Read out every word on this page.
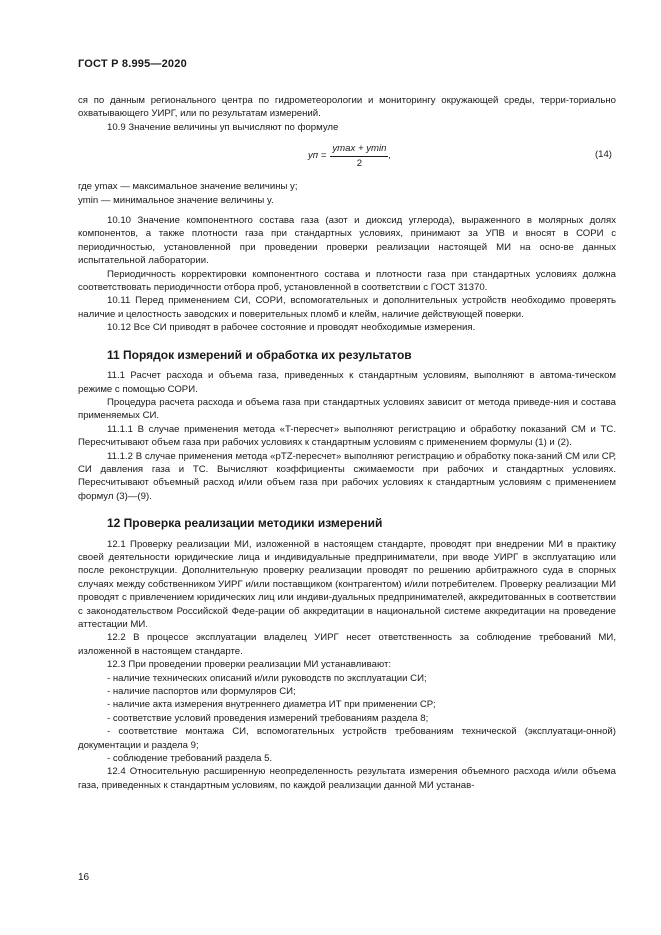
ГОСТ Р 8.995—2020

ся по данным регионального центра по гидрометеорологии и мониторингу окружающей среды, терри-ториально охватывающего УИРГ, или по результатам измерений.

10.9 Значение величины yп вычисляют по формуле

yп = $\frac{ymax + ymin}{2}$ ,	(14)

где ymax — максимальное значение величины y;

ymin — минимальное значение величины y.

10.10 Значение компонентного состава газа (азот и диоксид углерода), выраженного в молярных долях компонентов, а также плотности газа при стандартных условиях, принимают за УПВ и вносят в СОРИ с периодичностью, установленной при проведении проверки реализации настоящей МИ на осно-ве данных испытательной лаборатории.

Периодичность корректировки компонентного состава и плотности газа при стандартных условиях должна соответствовать периодичности отбора проб, установленной в соответствии с ГОСТ 31370.

10.11 Перед применением СИ, СОРИ, вспомогательных и дополнительных устройств необходимо проверять наличие и целостность заводских и поверительных пломб и клейм, наличие действующей поверки.

10.12 Все СИ приводят в рабочее состояние и проводят необходимые измерения.

11 Порядок измерений и обработка их результатов

11.1 Расчет расхода и объема газа, приведенных к стандартным условиям, выполняют в автома-тическом режиме с помощью СОРИ.

Процедура расчета расхода и объема газа при стандартных условиях зависит от метода приведе-ния и состава применяемых СИ.

11.1.1 В случае применения метода «T-пересчет» выполняют регистрацию и обработку показаний СМ и ТС. Пересчитывают объем газа при рабочих условиях к стандартным условиям с применением формулы (1) и (2).

11.1.2 В случае применения метода «pTZ-пересчет» выполняют регистрацию и обработку пока-заний СМ или СР, СИ давления газа и ТС. Вычисляют коэффициенты сжимаемости при рабочих и стандартных условиях. Пересчитывают объемный расход и/или объем газа при рабочих условиях к стандартным условиям с применением формул (3)—(9).

12 Проверка реализации методики измерений

12.1 Проверку реализации МИ, изложенной в настоящем стандарте, проводят при внедрении МИ в практику своей деятельности юридические лица и индивидуальные предприниматели, при вводе УИРГ в эксплуатацию или после реконструкции. Дополнительную проверку реализации проводят по решению арбитражного суда в спорных случаях между собственником УИРГ и/или поставщиком (контрагентом) и/или потребителем. Проверку реализации МИ проводят с привлечением юридических лиц или индиви-дуальных предпринимателей, аккредитованных в соответствии с законодательством Российской Феде-рации об аккредитации в национальной системе аккредитации на проведение аттестации МИ.

12.2 В процессе эксплуатации владелец УИРГ несет ответственность за соблюдение требований МИ, изложенной в настоящем стандарте.

12.3 При проведении проверки реализации МИ устанавливают:

- наличие технических описаний и/или руководств по эксплуатации СИ;

- наличие паспортов или формуляров СИ;

- наличие акта измерения внутреннего диаметра ИТ при применении СР;

- соответствие условий проведения измерений требованиям раздела 8;

- соответствие монтажа СИ, вспомогательных устройств требованиям технической (эксплуатаци-онной) документации и раздела 9;

- соблюдение требований раздела 5.

12.4 Относительную расширенную неопределенность результата измерения объемного расхода и/или объема газа, приведенных к стандартным условиям, по каждой реализации данной МИ устанав-

16
